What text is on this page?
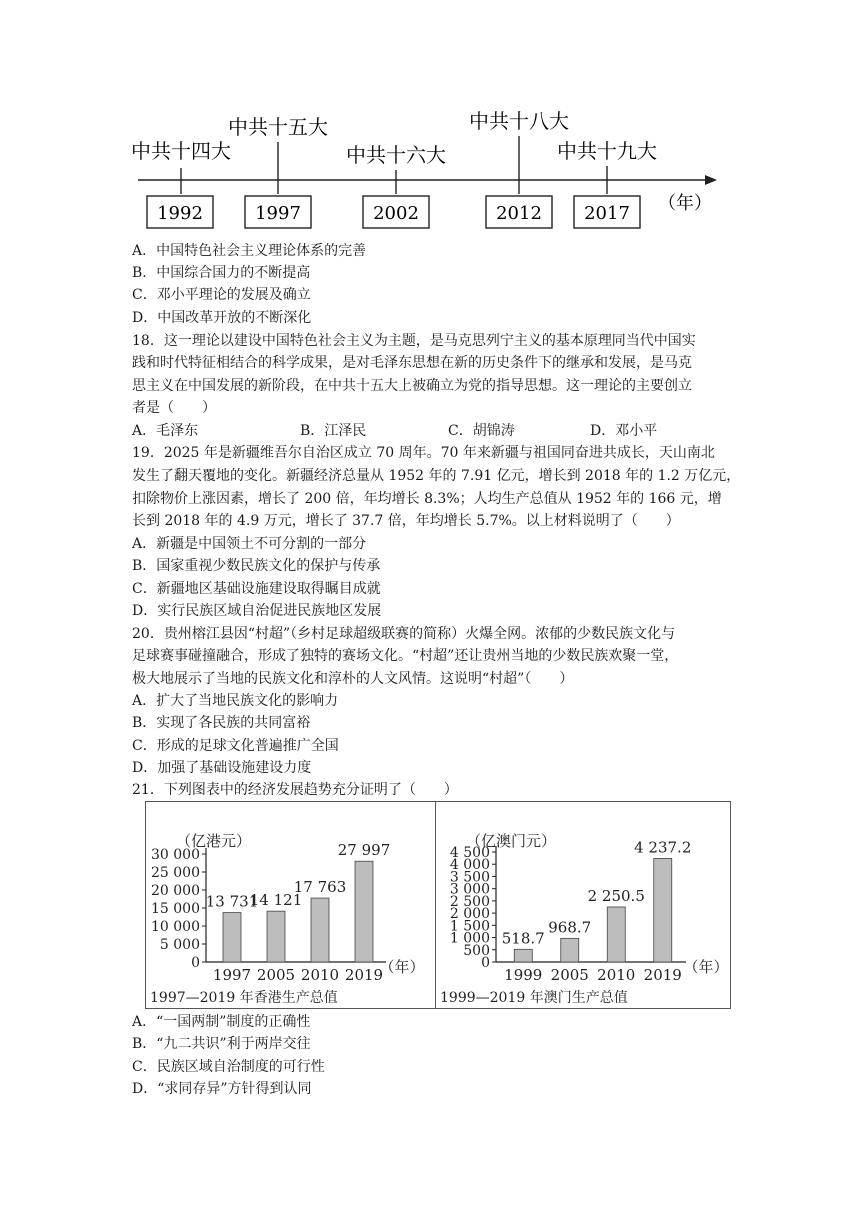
中共十四大
1992
中共十五大
1997
中共十六大
2002
中共十八大
2012
中共十九大
2017 （年）
A．中国特色社会主义理论体系的完善
B．中国综合国力的不断提高
C．邓小平理论的发展及确立
D．中国改革开放的不断深化
18．这一理论以建设中国特色社会主义为主题，是马克思列宁主义的基本原理同当代中国实
践和时代特征相结合的科学成果，是对毛泽东思想在新的历史条件下的继承和发展，是马克
思主义在中国发展的新阶段，在中共十五大上被确立为党的指导思想。这一理论的主要创立
者是（　　）
A．毛泽东	B．江泽民	C．胡锦涛	D．邓小平
19．2025 年是新疆维吾尔自治区成立 70 周年。70 年来新疆与祖国同奋进共成长，天山南北
发生了翻天覆地的变化。新疆经济总量从 1952 年的 7.91 亿元，增长到 2018 年的 1.2 万亿元，
扣除物价上涨因素，增长了 200 倍，年均增长 8.3%；人均生产总值从 1952 年的 166 元，增
长到 2018 年的 4.9 万元，增长了 37.7 倍，年均增长 5.7%。以上材料说明了（　　）
A．新疆是中国领土不可分割的一部分
B．国家重视少数民族文化的保护与传承
C．新疆地区基础设施建设取得瞩目成就
D．实行民族区域自治促进民族地区发展
20．贵州榕江县因“村超”（乡村足球超级联赛的简称）火爆全网。浓郁的少数民族文化与
足球赛事碰撞融合，形成了独特的赛场文化。“村超”还让贵州当地的少数民族欢聚一堂，
极大地展示了当地的民族文化和淳朴的人文风情。这说明“村超”（　　）
A．扩大了当地民族文化的影响力
B．实现了各民族的共同富裕
C．形成的足球文化普遍推广全国
D．加强了基础设施建设力度
21．下列图表中的经济发展趋势充分证明了（　　）
（亿港元）
0
5 000
10 000
15 000
20 000
25 000
30 000
13 731
1997
14 121
2005
17 763
2010
27 997
2019
（年）
1997—2019 年香港生产总值
（亿澳门元）
0
500
1 000
1 500
2 000
2 500
3 000
3 500
4 000
4 500
518.7
1999
968.7
2005
2 250.5
2010
4 237.2
2019 （年）
1999—2019 年澳门生产总值
A．“一国两制”制度的正确性
B．“九二共识”利于两岸交往
C．民族区域自治制度的可行性
D．“求同存异”方针得到认同
